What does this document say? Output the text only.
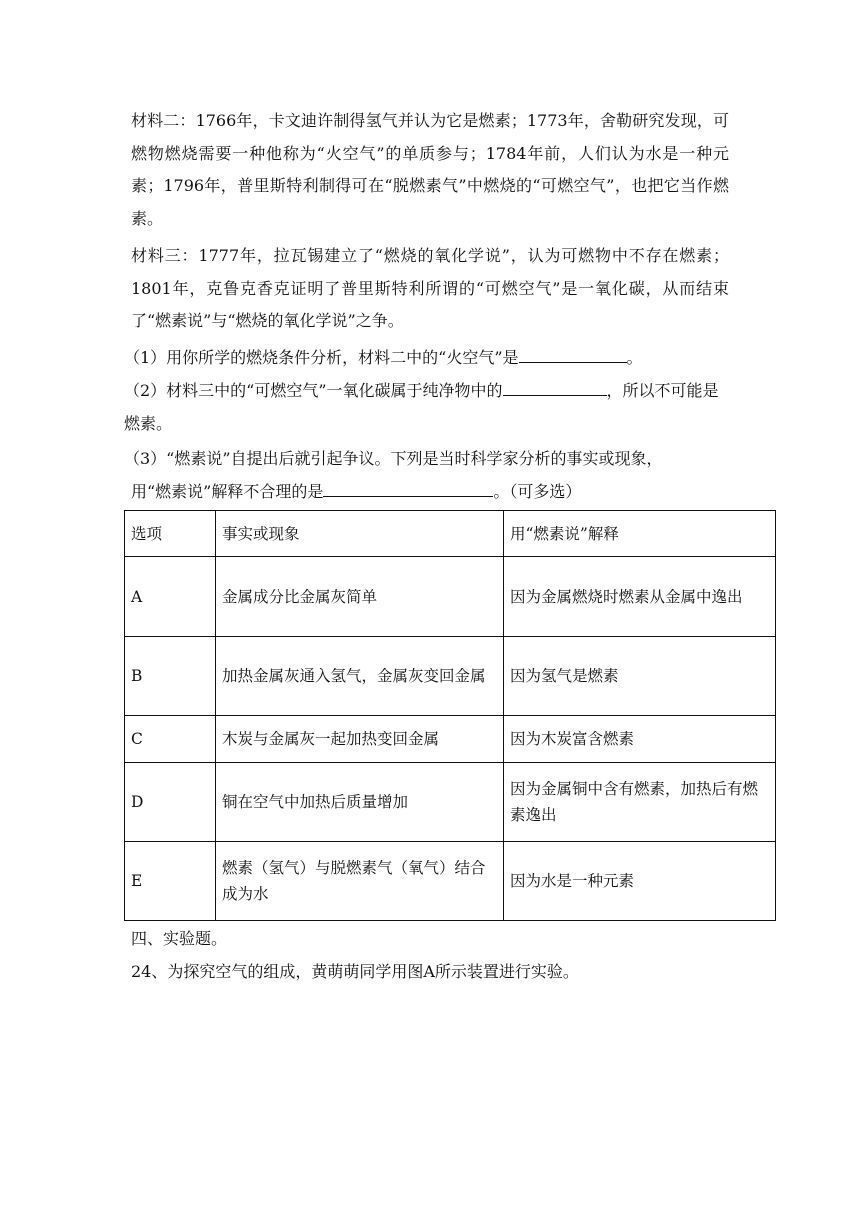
材料二：1766年，卡文迪许制得氢气并认为它是燃素；1773年，舍勒研究发现，可燃物燃烧需要一种他称为“火空气”的单质参与；1784年前，人们认为水是一种元素；1796年，普里斯特利制得可在“脱燃素气”中燃烧的“可燃空气”，也把它当作燃素。

材料三：1777年，拉瓦锡建立了“燃烧的氧化学说”，认为可燃物中不存在燃素；1801年，克鲁克香克证明了普里斯特利所谓的“可燃空气”是一氧化碳，从而结束了“燃素说”与“燃烧的氧化学说”之争。

（1）用你所学的燃烧条件分析，材料二中的“火空气”是	。

（2）材料三中的“可燃空气”一氧化碳属于纯净物中的	，所以不可能是燃素。

（3）“燃素说”自提出后就引起争议。下列是当时科学家分析的事实或现象，
用“燃素说”解释不合理的是	。（可多选）

选项	事实或现象	用“燃素说”解释
A	金属成分比金属灰简单	因为金属燃烧时燃素从金属中逸出
B	加热金属灰通入氢气，金属灰变回金属	因为氢气是燃素
C	木炭与金属灰一起加热变回金属	因为木炭富含燃素
D	铜在空气中加热后质量增加	因为金属铜中含有燃素，加热后有燃素逸出
E	燃素（氢气）与脱燃素气（氧气）结合成为水	因为水是一种元素

四、实验题。

24、为探究空气的组成，黄萌萌同学用图A所示装置进行实验。
